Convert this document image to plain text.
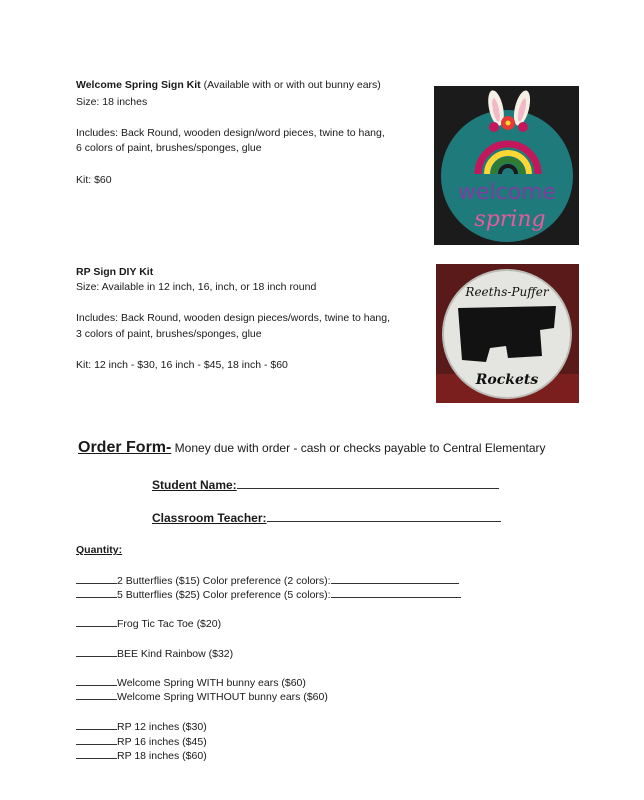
Welcome Spring Sign Kit (Available with or with out bunny ears)
Size: 18 inches
Includes: Back Round, wooden design/word pieces, twine to hang,
6 colors of paint, brushes/sponges, glue
Kit: $60	welcome
spring
RP Sign DIY Kit
Size: Available in 12 inch, 16, inch, or 18 inch round
Includes: Back Round, wooden design pieces/words, twine to hang,
3 colors of paint, brushes/sponges, glue
Kit: 12 inch - $30, 16 inch - $45, 18 inch - $60
Reeths-Puffer
Rockets
Order Form- Money due with order - cash or checks payable to Central Elementary
Student Name:
Classroom Teacher:
Quantity:
2 Butterflies ($15) Color preference (2 colors):
5 Butterflies ($25) Color preference (5 colors):
Frog Tic Tac Toe ($20)
BEE Kind Rainbow ($32)
Welcome Spring WITH bunny ears ($60)
Welcome Spring WITHOUT bunny ears ($60)
RP 12 inches ($30)
RP 16 inches ($45)
RP 18 inches ($60)
